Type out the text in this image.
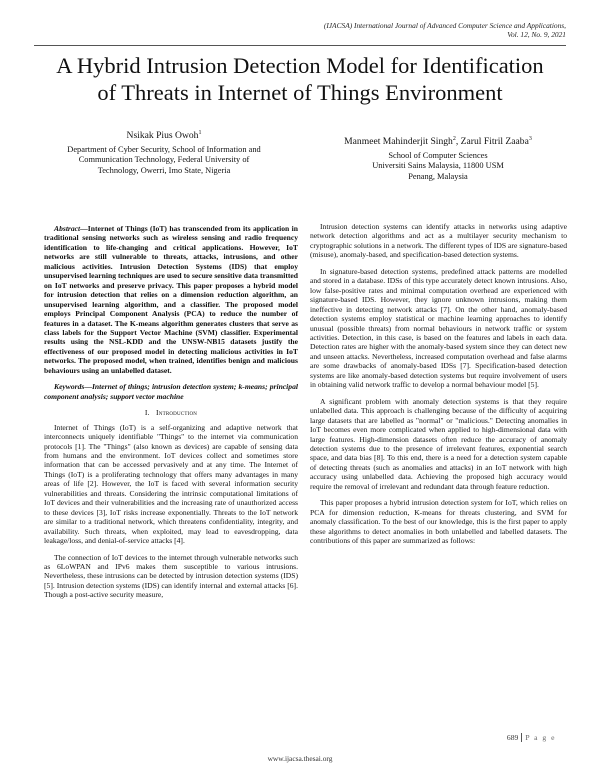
(IJACSA) International Journal of Advanced Computer Science and Applications,
Vol. 12, No. 9, 2021
A Hybrid Intrusion Detection Model for Identification
of Threats in Internet of Things Environment
Nsikak Pius Owoh$^1$
Department of Cyber Security, School of Information and
Communication Technology, Federal University of
Technology, Owerri, Imo State, Nigeria
Manmeet Mahinderjit Singh$^2$, Zarul Fitril Zaaba$^3$
School of Computer Sciences
Universiti Sains Malaysia, 11800 USM
Penang, Malaysia

Abstract—Internet of Things (IoT) has transcended from its application in traditional sensing networks such as wireless sensing and radio frequency identification to life-changing and critical applications. However, IoT networks are still vulnerable to threats, attacks, intrusions, and other malicious activities. Intrusion Detection Systems (IDS) that employ unsupervised learning techniques are used to secure sensitive data transmitted on IoT networks and preserve privacy. This paper proposes a hybrid model for intrusion detection that relies on a dimension reduction algorithm, an unsupervised learning algorithm, and a classifier. The proposed model employs Principal Component Analysis (PCA) to reduce the number of features in a dataset. The K-means algorithm generates clusters that serve as class labels for the Support Vector Machine (SVM) classifier. Experimental results using the NSL-KDD and the UNSW-NB15 datasets justify the effectiveness of our proposed model in detecting malicious activities in IoT networks. The proposed model, when trained, identifies benign and malicious behaviours using an unlabelled dataset.

Keywords—Internet of things; intrusion detection system; k-means; principal component analysis; support vector machine

I. Introduction

Internet of Things (IoT) is a self-organizing and adaptive network that interconnects uniquely identifiable "Things" to the internet via communication protocols [1]. The "Things" (also known as devices) are capable of sensing data from humans and the environment. IoT devices collect and sometimes store information that can be accessed pervasively and at any time. The Internet of Things (IoT) is a proliferating technology that offers many advantages in many areas of life [2]. However, the IoT is faced with several information security vulnerabilities and threats. Considering the intrinsic computational limitations of IoT devices and their vulnerabilities and the increasing rate of unauthorized access to these devices [3], IoT risks increase exponentially. Threats to the IoT network are similar to a traditional network, which threatens confidentiality, integrity, and availability. Such threats, when exploited, may lead to eavesdropping, data leakage/loss, and denial-of-service attacks [4].

The connection of IoT devices to the internet through vulnerable networks such as 6LoWPAN and IPv6 makes them susceptible to various intrusions. Nevertheless, these intrusions can be detected by intrusion detection systems (IDS) [5]. Intrusion detection systems (IDS) can identify internal and external attacks [6]. Though a post-active security measure,

Intrusion detection systems can identify attacks in networks using adaptive network detection algorithms and act as a multilayer security mechanism to cryptographic solutions in a network. The different types of IDS are signature-based (misuse), anomaly-based, and specification-based detection systems.

In signature-based detection systems, predefined attack patterns are modelled and stored in a database. IDSs of this type accurately detect known intrusions. Also, low false-positive rates and minimal computation overhead are experienced with signature-based IDS. However, they ignore unknown intrusions, making them ineffective in detecting network attacks [7]. On the other hand, anomaly-based detection systems employ statistical or machine learning approaches to identify unusual (possible threats) from normal behaviours in network traffic or system activities. Detection, in this case, is based on the features and labels in each data. Detection rates are higher with the anomaly-based system since they can detect new and unseen attacks. Nevertheless, increased computation overhead and false alarms are some drawbacks of anomaly-based IDSs [7]. Specification-based detection systems are like anomaly-based detection systems but require involvement of users in obtaining valid network traffic to develop a normal behaviour model [5].

A significant problem with anomaly detection systems is that they require unlabelled data. This approach is challenging because of the difficulty of acquiring large datasets that are labelled as "normal" or "malicious." Detecting anomalies in IoT becomes even more complicated when applied to high-dimensional data with large features. High-dimension datasets often reduce the accuracy of anomaly detection systems due to the presence of irrelevant features, exponential search space, and data bias [8]. To this end, there is a need for a detection system capable of detecting threats (such as anomalies and attacks) in an IoT network with high accuracy using unlabelled data. Achieving the proposed high accuracy would require the removal of irrelevant and redundant data through feature reduction.

This paper proposes a hybrid intrusion detection system for IoT, which relies on PCA for dimension reduction, K-means for threats clustering, and SVM for anomaly classification. To the best of our knowledge, this is the first paper to apply these algorithms to detect anomalies in both unlabelled and labelled datasets. The contributions of this paper are summarized as follows:

689 P a g e
www.ijacsa.thesai.org
